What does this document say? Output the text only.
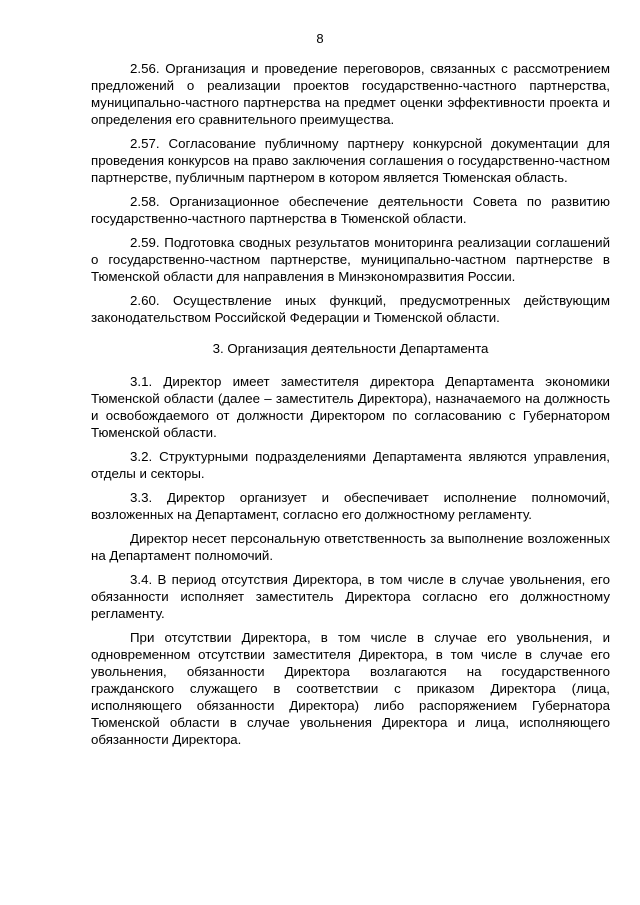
8

2.56. Организация и проведение переговоров, связанных с рассмотрением предложений о реализации проектов государственно-частного партнерства, муниципально-частного партнерства на предмет оценки эффективности проекта и определения его сравнительного преимущества.

2.57. Согласование публичному партнеру конкурсной документации для проведения конкурсов на право заключения соглашения о государственно-частном партнерстве, публичным партнером в котором является Тюменская область.

2.58. Организационное обеспечение деятельности Совета по развитию государственно-частного партнерства в Тюменской области.

2.59. Подготовка сводных результатов мониторинга реализации соглашений о государственно-частном партнерстве, муниципально-частном партнерстве в Тюменской области для направления в Минэкономразвития России.

2.60. Осуществление иных функций, предусмотренных действующим законодательством Российской Федерации и Тюменской области.

3. Организация деятельности Департамента

3.1. Директор имеет заместителя директора Департамента экономики Тюменской области (далее – заместитель Директора), назначаемого на должность и освобождаемого от должности Директором по согласованию с Губернатором Тюменской области.

3.2. Структурными подразделениями Департамента являются управления, отделы и секторы.

3.3. Директор организует и обеспечивает исполнение полномочий, возложенных на Департамент, согласно его должностному регламенту.

Директор несет персональную ответственность за выполнение возложенных на Департамент полномочий.

3.4. В период отсутствия Директора, в том числе в случае увольнения, его обязанности исполняет заместитель Директора согласно его должностному регламенту.

При отсутствии Директора, в том числе в случае его увольнения, и одновременном отсутствии заместителя Директора, в том числе в случае его увольнения, обязанности Директора возлагаются на государственного гражданского служащего в соответствии с приказом Директора (лица, исполняющего обязанности Директора) либо распоряжением Губернатора Тюменской области в случае увольнения Директора и лица, исполняющего обязанности Директора.
